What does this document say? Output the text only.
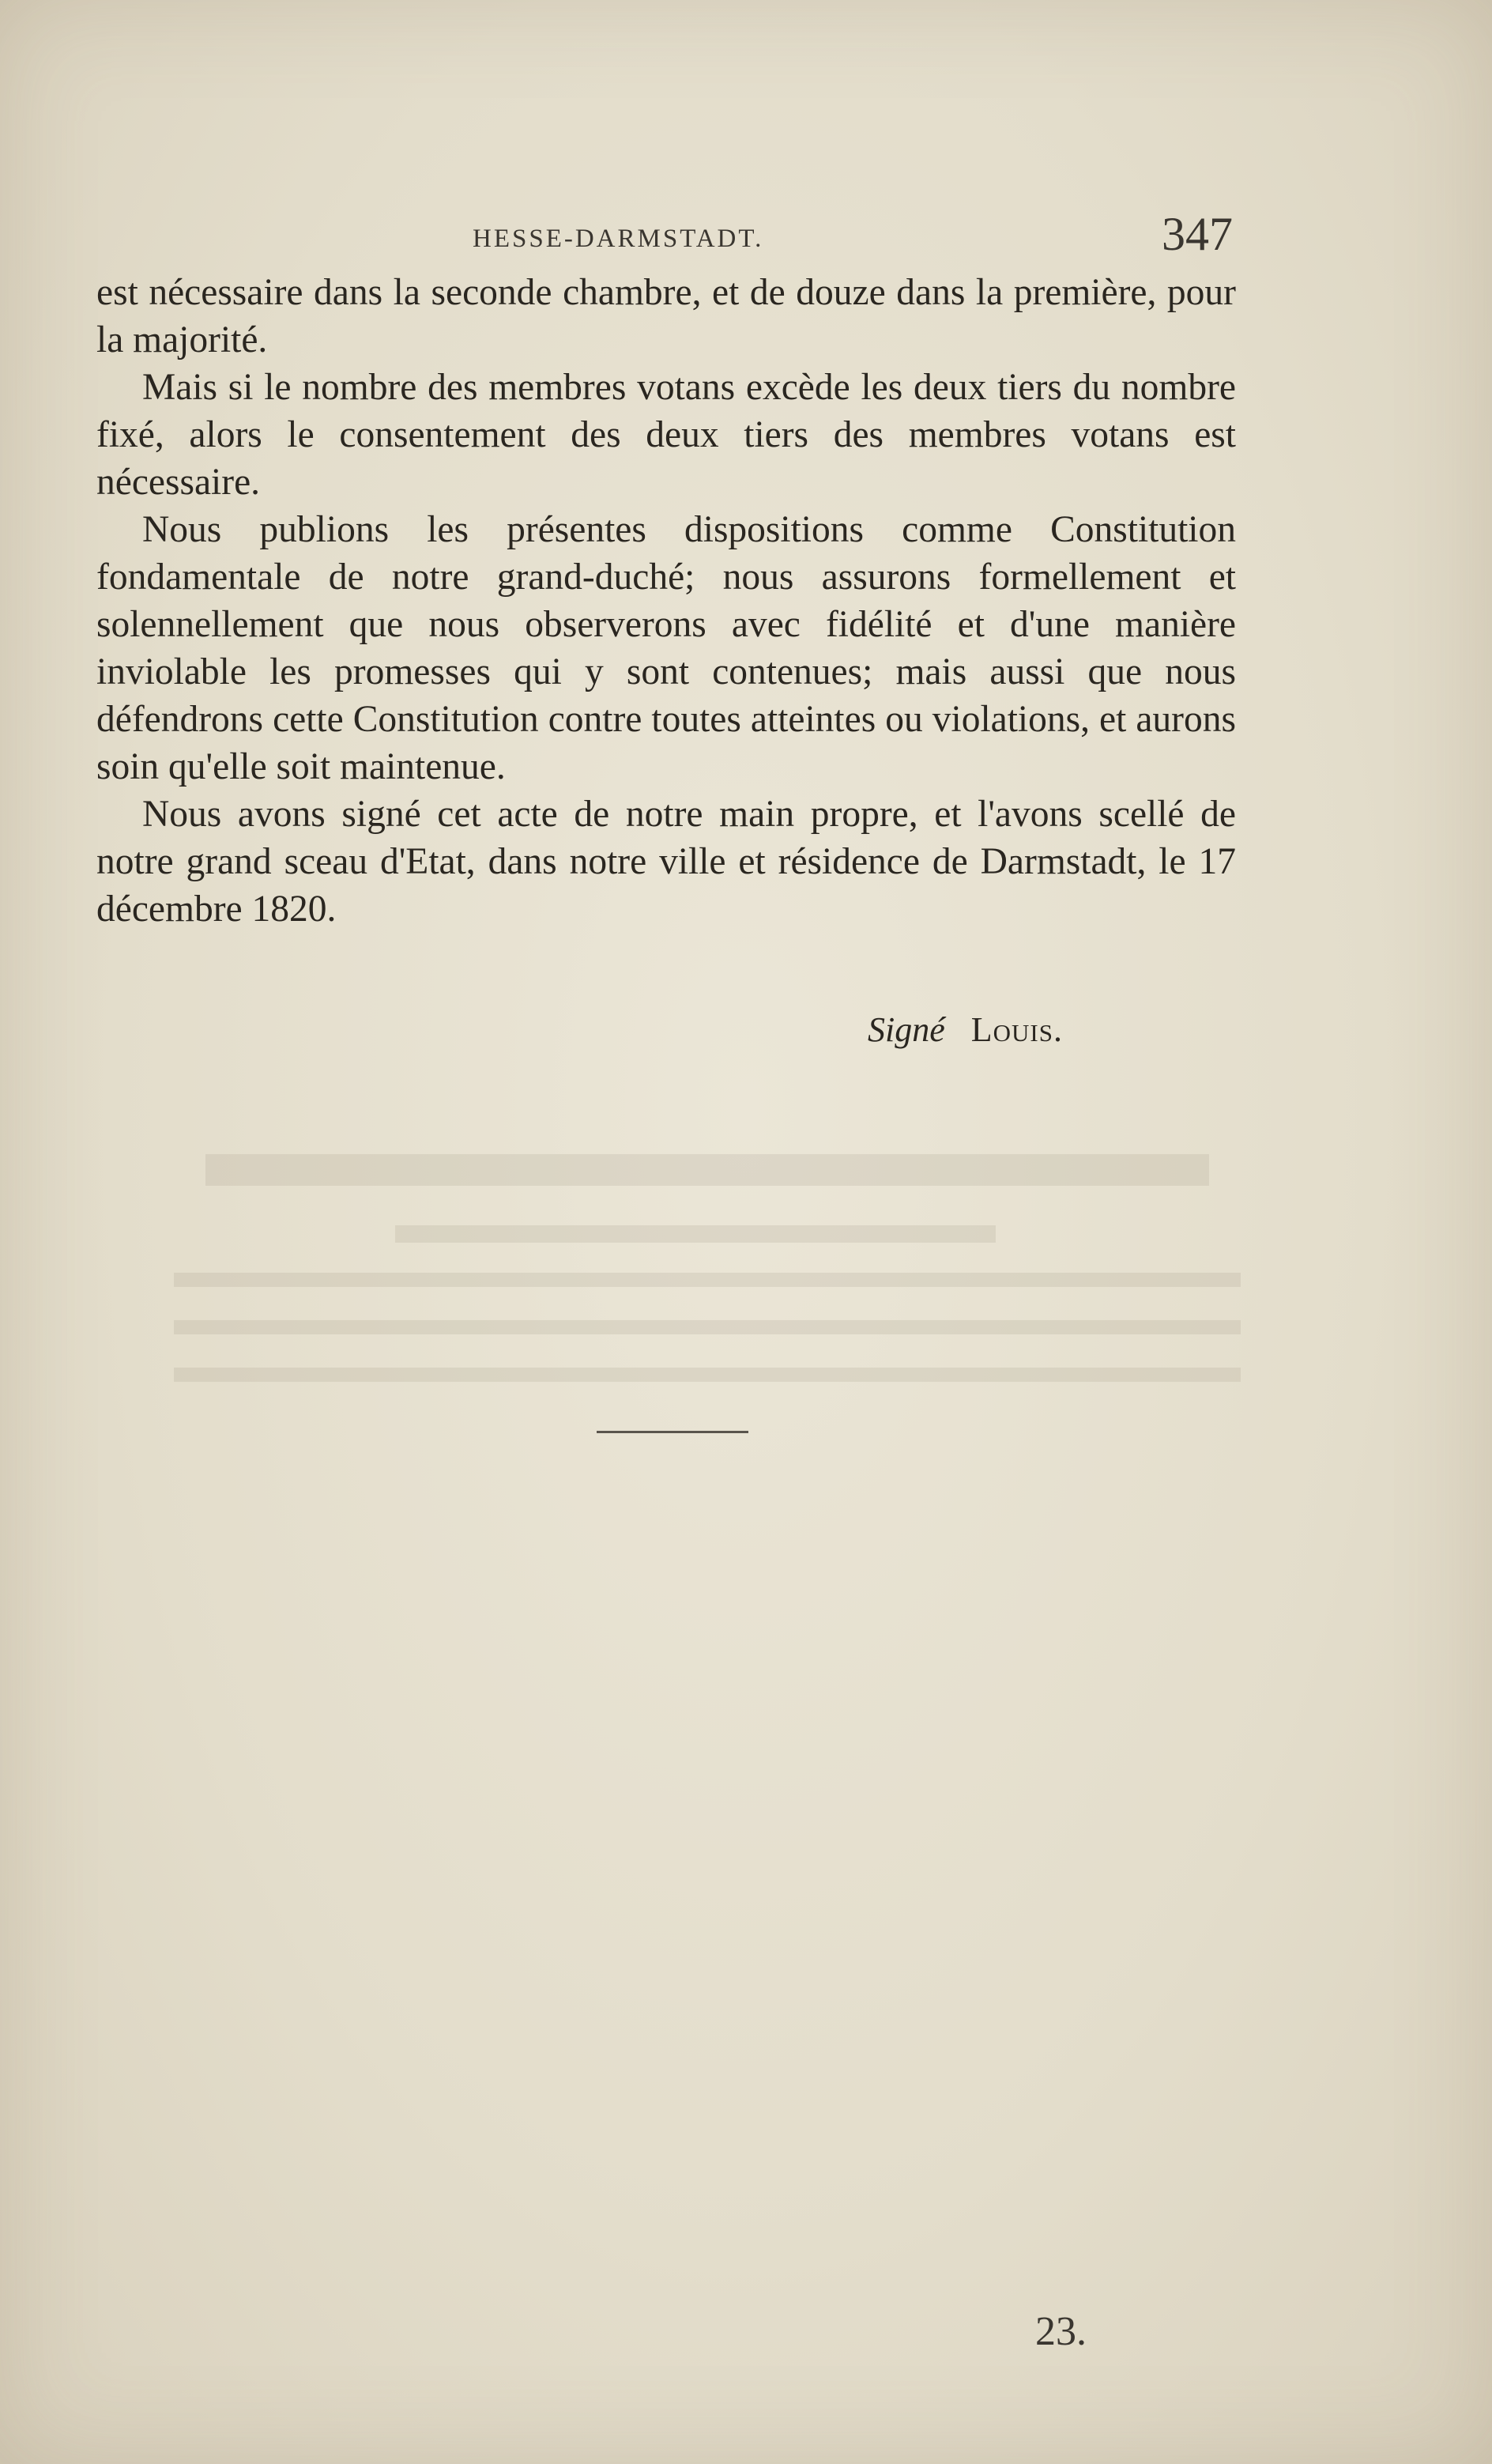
HESSE-DARMSTADT.	347

est nécessaire dans la seconde chambre, et de douze dans la première, pour la majorité.

Mais si le nombre des membres votans excède les deux tiers du nombre fixé, alors le consentement des deux tiers des membres votans est nécessaire.

Nous publions les présentes dispositions comme Constitution fondamentale de notre grand-duché; nous assurons formellement et solennellement que nous observerons avec fidélité et d'une manière inviolable les promesses qui y sont contenues; mais aussi que nous défendrons cette Constitution contre toutes atteintes ou violations, et aurons soin qu'elle soit maintenue.

Nous avons signé cet acte de notre main propre, et l'avons scellé de notre grand sceau d'Etat, dans notre ville et résidence de Darmstadt, le 17 décembre 1820.

Signé Louis.
23.
